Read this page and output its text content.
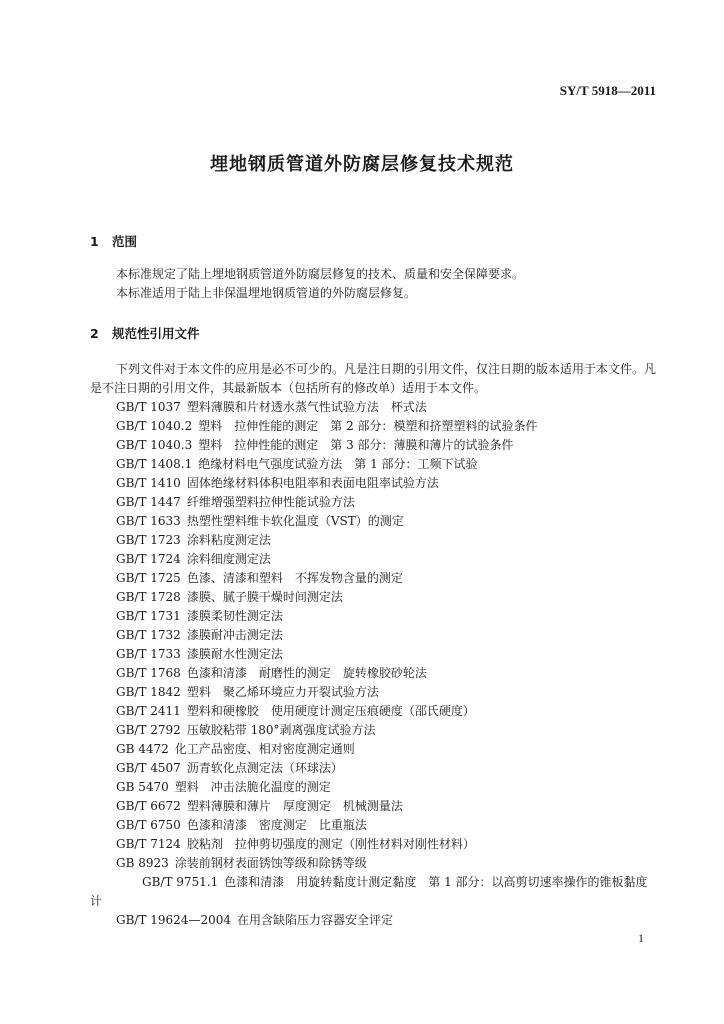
SY/T 5918—2011
埋地钢质管道外防腐层修复技术规范
1 范围
本标准规定了陆上埋地钢质管道外防腐层修复的技术、质量和安全保障要求。
本标准适用于陆上非保温埋地钢质管道的外防腐层修复。
2 规范性引用文件
下列文件对于本文件的应用是必不可少的。凡是注日期的引用文件，仅注日期的版本适用于本文件。凡是不注日期的引用文件，其最新版本（包括所有的修改单）适用于本文件。
GB/T 1037 塑料薄膜和片材透水蒸气性试验方法　杯式法
GB/T 1040.2 塑料　拉伸性能的测定　第 2 部分：模塑和挤塑塑料的试验条件
GB/T 1040.3 塑料　拉伸性能的测定　第 3 部分：薄膜和薄片的试验条件
GB/T 1408.1 绝缘材料电气强度试验方法　第 1 部分：工频下试验
GB/T 1410 固体绝缘材料体积电阻率和表面电阻率试验方法
GB/T 1447 纤维增强塑料拉伸性能试验方法
GB/T 1633 热塑性塑料维卡软化温度（VST）的测定
GB/T 1723 涂料粘度测定法
GB/T 1724 涂料细度测定法
GB/T 1725 色漆、清漆和塑料　不挥发物含量的测定
GB/T 1728 漆膜、腻子膜干燥时间测定法
GB/T 1731 漆膜柔韧性测定法
GB/T 1732 漆膜耐冲击测定法
GB/T 1733 漆膜耐水性测定法
GB/T 1768 色漆和清漆　耐磨性的测定　旋转橡胶砂轮法
GB/T 1842 塑料　聚乙烯环境应力开裂试验方法
GB/T 2411 塑料和硬橡胶　使用硬度计测定压痕硬度（邵氏硬度）
GB/T 2792 压敏胶粘带 180°剥离强度试验方法
GB 4472 化工产品密度、相对密度测定通则
GB/T 4507 沥青软化点测定法（环球法）
GB 5470 塑料　冲击法脆化温度的测定
GB/T 6672 塑料薄膜和薄片　厚度测定　机械测量法
GB/T 6750 色漆和清漆　密度测定　比重瓶法
GB/T 7124 胶粘剂　拉伸剪切强度的测定（刚性材料对刚性材料）
GB 8923 涂装前钢材表面锈蚀等级和除锈等级
GB/T 9751.1 色漆和清漆　用旋转黏度计测定黏度　第 1 部分：以高剪切速率操作的锥板黏度计
GB/T 19624—2004 在用含缺陷压力容器安全评定
1
